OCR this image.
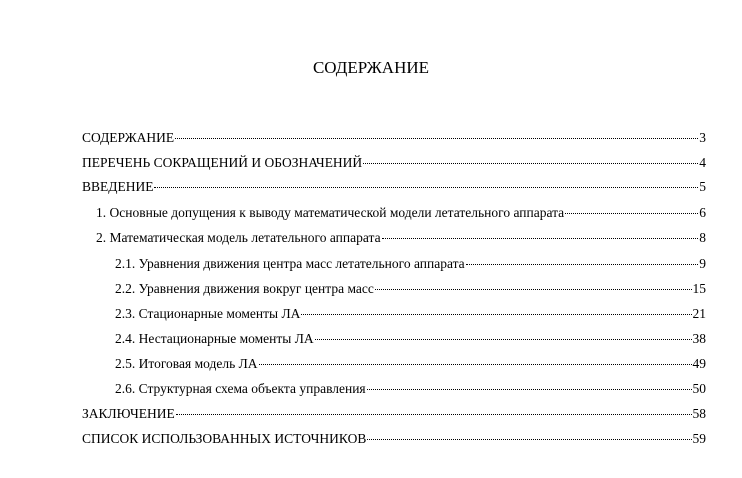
СОДЕРЖАНИЕ
СОДЕРЖАНИЕ	3
ПЕРЕЧЕНЬ СОКРАЩЕНИЙ И ОБОЗНАЧЕНИЙ	4
ВВЕДЕНИЕ	5
1. Основные допущения к выводу математической модели летательного аппарата	6
2. Математическая модель летательного аппарата	8
2.1. Уравнения движения центра масс летательного аппарата	9
2.2. Уравнения движения вокруг центра масс	15
2.3. Стационарные моменты ЛА	21
2.4. Нестационарные моменты ЛА	38
2.5. Итоговая модель ЛА	49
2.6. Структурная схема объекта управления	50
ЗАКЛЮЧЕНИЕ	58
СПИСОК ИСПОЛЬЗОВАННЫХ ИСТОЧНИКОВ	59
